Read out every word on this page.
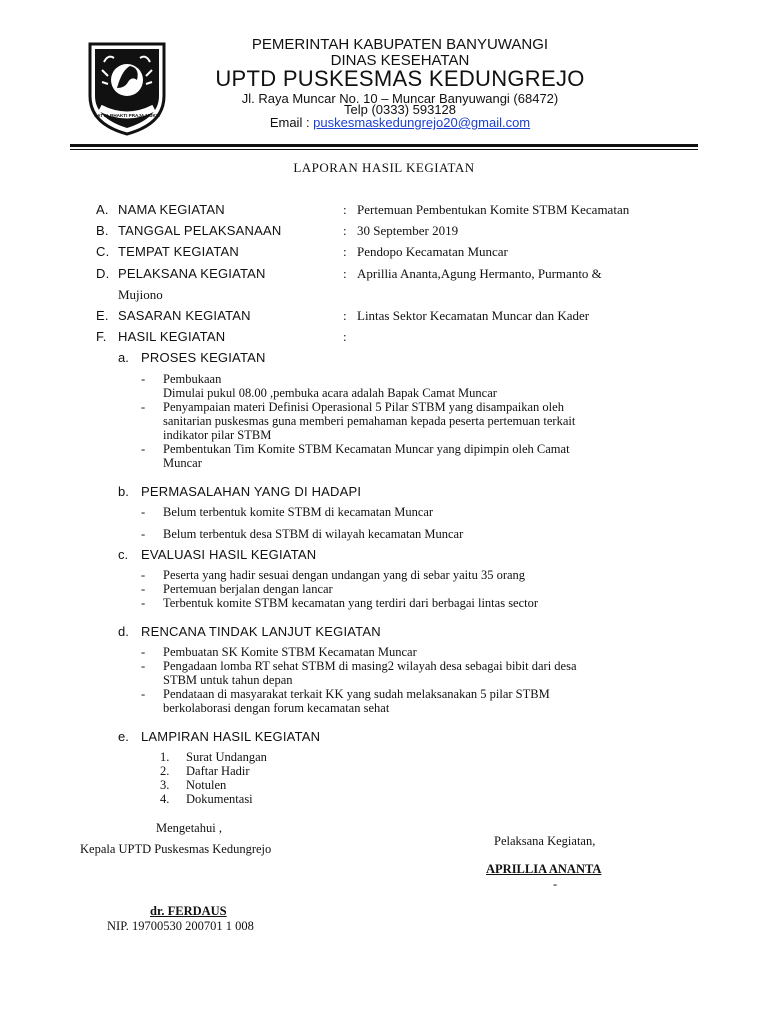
SATYA BHAKTI PRAJA MUKTI
PEMERINTAH KABUPATEN BANYUWANGI
DINAS KESEHATAN
UPTD PUSKESMAS KEDUNGREJO
Jl. Raya Muncar No. 10 – Muncar Banyuwangi (68472)
Telp (0333) 593128
Email : puskesmaskedungrejo20@gmail.com
LAPORAN HASIL KEGIATAN
A. NAMA KEGIATAN	: Pertemuan Pembentukan Komite STBM Kecamatan
B. TANGGAL PELAKSANAAN	: 30 September 2019
C. TEMPAT KEGIATAN	: Pendopo Kecamatan Muncar
D. PELAKSANA KEGIATAN	: Aprillia Ananta,Agung Hermanto, Purmanto &
Mujiono
E. SASARAN KEGIATAN	: Lintas Sektor Kecamatan Muncar dan Kader
F. HASIL KEGIATAN	:
a. PROSES KEGIATAN
- Pembukaan
Dimulai pukul 08.00 ,pembuka acara adalah Bapak Camat Muncar
- Penyampaian materi Definisi Operasional 5 Pilar STBM yang disampaikan oleh
sanitarian puskesmas guna memberi pemahaman kepada peserta pertemuan terkait
indikator pilar STBM
- Pembentukan Tim Komite STBM Kecamatan Muncar yang dipimpin oleh Camat
Muncar
b. PERMASALAHAN YANG DI HADAPI
- Belum terbentuk komite STBM di kecamatan Muncar
- Belum terbentuk desa STBM di wilayah kecamatan Muncar
c. EVALUASI HASIL KEGIATAN
- Peserta yang hadir sesuai dengan undangan yang di sebar yaitu 35 orang
- Pertemuan berjalan dengan lancar
- Terbentuk komite STBM kecamatan yang terdiri dari berbagai lintas sector
d. RENCANA TINDAK LANJUT KEGIATAN
- Pembuatan SK Komite STBM Kecamatan Muncar
- Pengadaan lomba RT sehat STBM di masing2 wilayah desa sebagai bibit dari desa
STBM untuk tahun depan
- Pendataan di masyarakat terkait KK yang sudah melaksanakan 5 pilar STBM
berkolaborasi dengan forum kecamatan sehat
e. LAMPIRAN HASIL KEGIATAN
1. Surat Undangan
2. Daftar Hadir
3. Notulen
4. Dokumentasi
Mengetahui ,
Kepala UPTD Puskesmas Kedungrejo
Pelaksana Kegiatan,
APRILLIA ANANTA
-
dr. FERDAUS
NIP. 19700530 200701 1 008
